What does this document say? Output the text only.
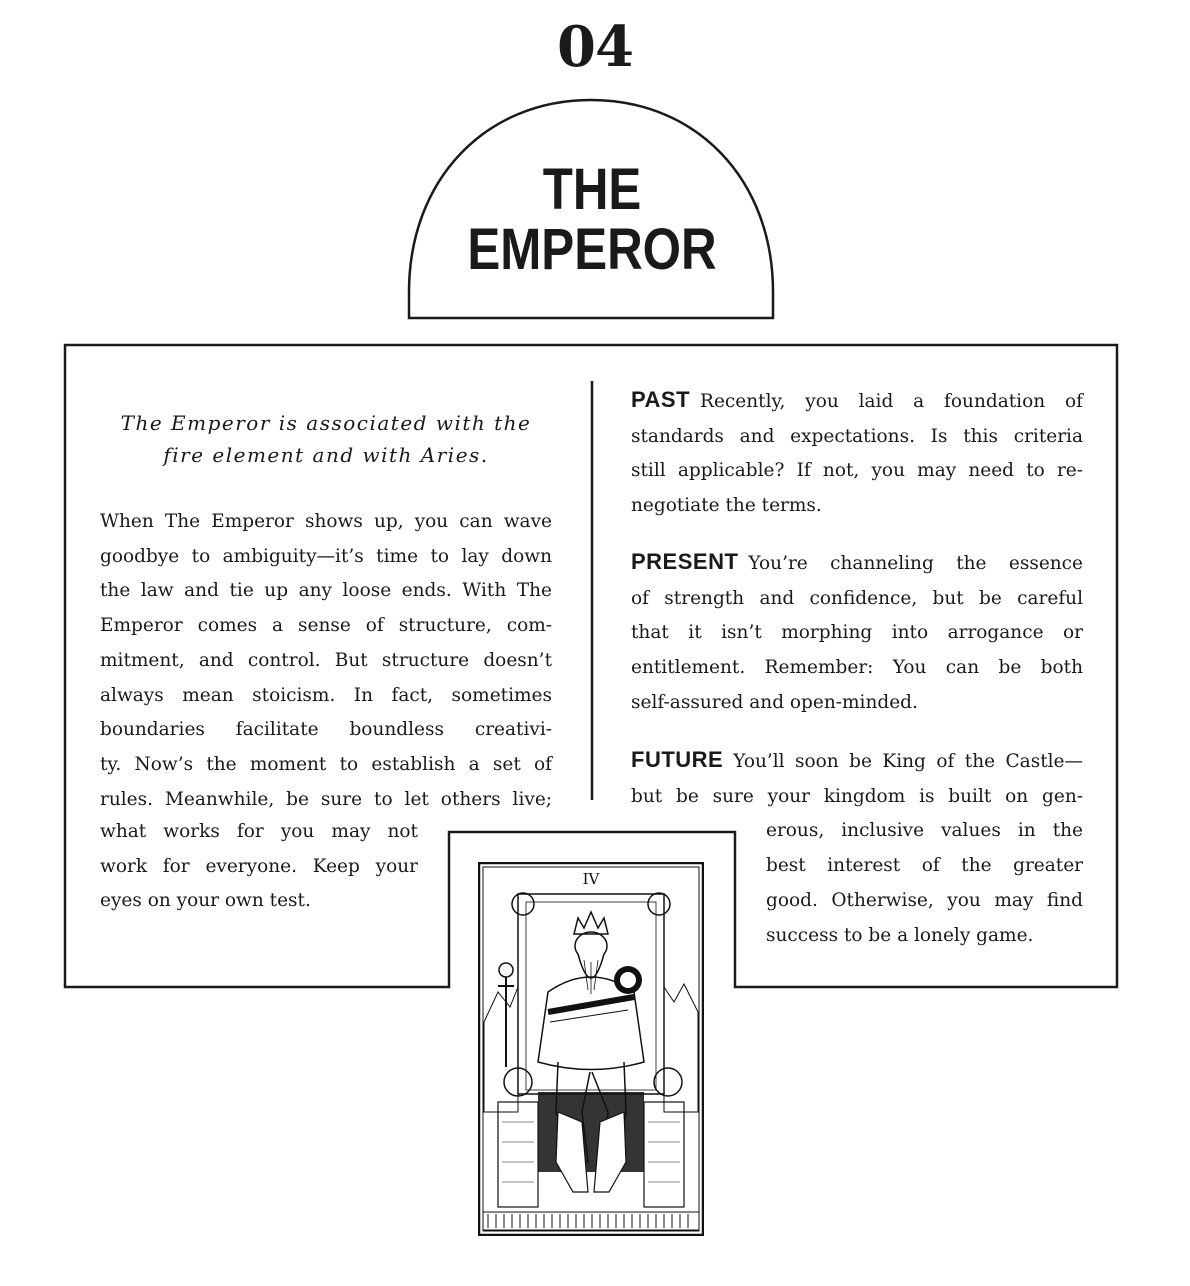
04
THE
EMPEROR

The Emperor is associated with the fire element and with Aries.

When The Emperor shows up, you can wave
goodbye to ambiguity—it’s time to lay down
the law and tie up any loose ends. With The
Emperor comes a sense of structure, com-
mitment, and control. But structure doesn’t
always mean stoicism. In fact, sometimes
boundaries facilitate boundless creativi-
ty. Now’s the moment to establish a set of
rules. Meanwhile, be sure to let others live;
what works for you may not
work for everyone. Keep your
eyes on your own test.
PAST Recently, you laid a foundation of
standards and expectations. Is this criteria
still applicable? If not, you may need to re-
negotiate the terms.
PRESENT You’re channeling the essence
of strength and confidence, but be careful
that it isn’t morphing into arrogance or
entitlement. Remember: You can be both
self-assured and open-minded.
FUTURE You’ll soon be King of the Castle—
but be sure your kingdom is built on gen-
erous, inclusive values in the
best interest of the greater
good. Otherwise, you may find
success to be a lonely game.
IV
